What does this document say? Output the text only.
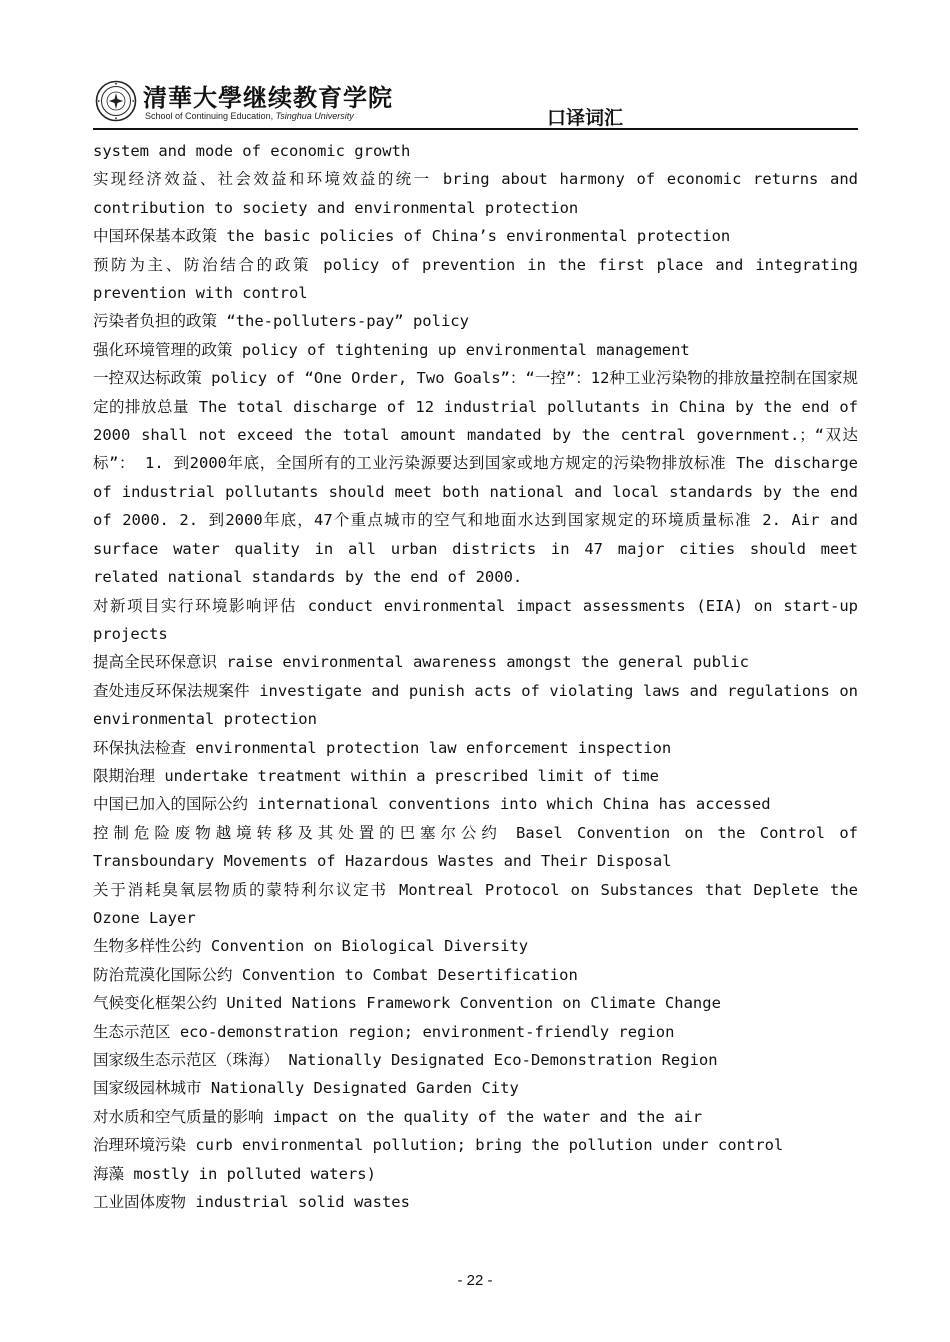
清華大學继续教育学院
School of Continuing Education, Tsinghua University	口译词汇

system and mode of economic growth

实现经济效益、社会效益和环境效益的统一 bring about harmony of economic returns and contribution to society and environmental protection

中国环保基本政策 the basic policies of China’s environmental protection

预防为主、防治结合的政策 policy of prevention in the first place and integrating prevention with control

污染者负担的政策 “the-polluters-pay” policy

强化环境管理的政策 policy of tightening up environmental management

一控双达标政策 policy of “One Order, Two Goals”：“一控”：12种工业污染物的排放量控制在国家规定的排放总量 The total discharge of 12 industrial pollutants in China by the end of 2000 shall not exceed the total amount mandated by the central government.；“双达标”： 1. 到2000年底，全国所有的工业污染源要达到国家或地方规定的污染物排放标准 The discharge of industrial pollutants should meet both national and local standards by the end of 2000. 2. 到2000年底，47个重点城市的空气和地面水达到国家规定的环境质量标准 2. Air and surface water quality in all urban districts in 47 major cities should meet related national standards by the end of 2000.

对新项目实行环境影响评估 conduct environmental impact assessments (EIA) on start-up projects

提高全民环保意识 raise environmental awareness amongst the general public

查处违反环保法规案件 investigate and punish acts of violating laws and regulations on environmental protection

环保执法检查 environmental protection law enforcement inspection

限期治理 undertake treatment within a prescribed limit of time

中国已加入的国际公约 international conventions into which China has accessed

控制危险废物越境转移及其处置的巴塞尔公约 Basel Convention on the Control of Transboundary Movements of Hazardous Wastes and Their Disposal

关于消耗臭氧层物质的蒙特利尔议定书 Montreal Protocol on Substances that Deplete the Ozone Layer

生物多样性公约 Convention on Biological Diversity

防治荒漠化国际公约 Convention to Combat Desertification

气候变化框架公约 United Nations Framework Convention on Climate Change

生态示范区 eco-demonstration region; environment-friendly region

国家级生态示范区（珠海） Nationally Designated Eco-Demonstration Region

国家级园林城市 Nationally Designated Garden City

对水质和空气质量的影响 impact on the quality of the water and the air

治理环境污染 curb environmental pollution; bring the pollution under control

海藻 mostly in polluted waters)

工业固体废物 industrial solid wastes

- 22 -
